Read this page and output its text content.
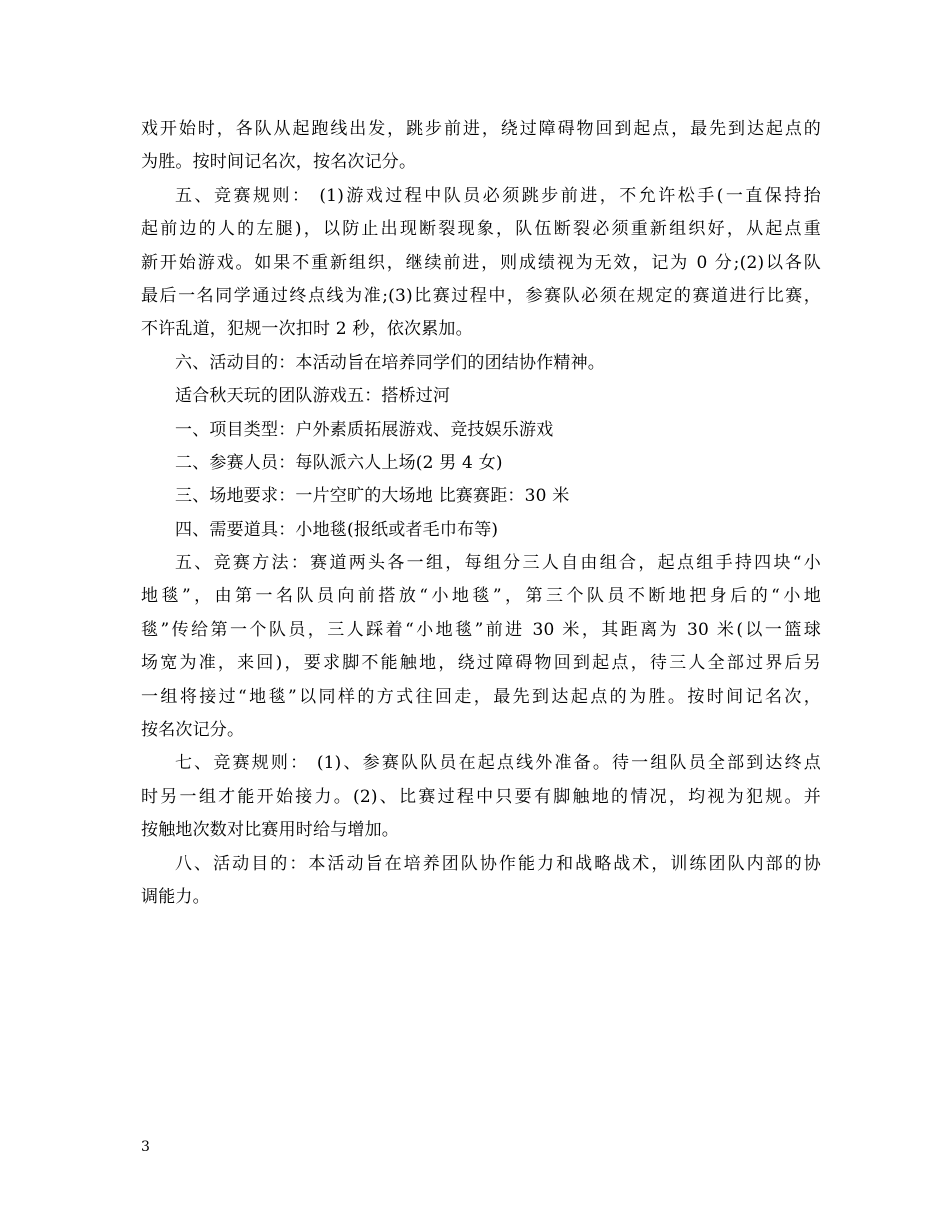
戏开始时，各队从起跑线出发，跳步前进，绕过障碍物回到起点，最先到达起点的
为胜。按时间记名次，按名次记分。
五、竞赛规则： (1)游戏过程中队员必须跳步前进，不允许松手(一直保持抬
起前边的人的左腿)，以防止出现断裂现象，队伍断裂必须重新组织好，从起点重
新开始游戏。如果不重新组织，继续前进，则成绩视为无效，记为 0 分;(2)以各队
最后一名同学通过终点线为准;(3)比赛过程中，参赛队必须在规定的赛道进行比赛，
不许乱道，犯规一次扣时 2 秒，依次累加。
六、活动目的：本活动旨在培养同学们的团结协作精神。
适合秋天玩的团队游戏五：搭桥过河
一、项目类型：户外素质拓展游戏、竞技娱乐游戏
二、参赛人员：每队派六人上场(2 男 4 女)
三、场地要求：一片空旷的大场地 比赛赛距：30 米
四、需要道具：小地毯(报纸或者毛巾布等)
五、竞赛方法：赛道两头各一组，每组分三人自由组合，起点组手持四块“小
地毯”，由第一名队员向前搭放“小地毯”，第三个队员不断地把身后的“小地
毯”传给第一个队员，三人踩着“小地毯”前进 30 米，其距离为 30 米(以一篮球
场宽为准，来回)，要求脚不能触地，绕过障碍物回到起点，待三人全部过界后另
一组将接过“地毯”以同样的方式往回走，最先到达起点的为胜。按时间记名次，
按名次记分。
七、竞赛规则： (1)、参赛队队员在起点线外准备。待一组队员全部到达终点
时另一组才能开始接力。(2)、比赛过程中只要有脚触地的情况，均视为犯规。并
按触地次数对比赛用时给与增加。
八、活动目的：本活动旨在培养团队协作能力和战略战术，训练团队内部的协
调能力。
3
